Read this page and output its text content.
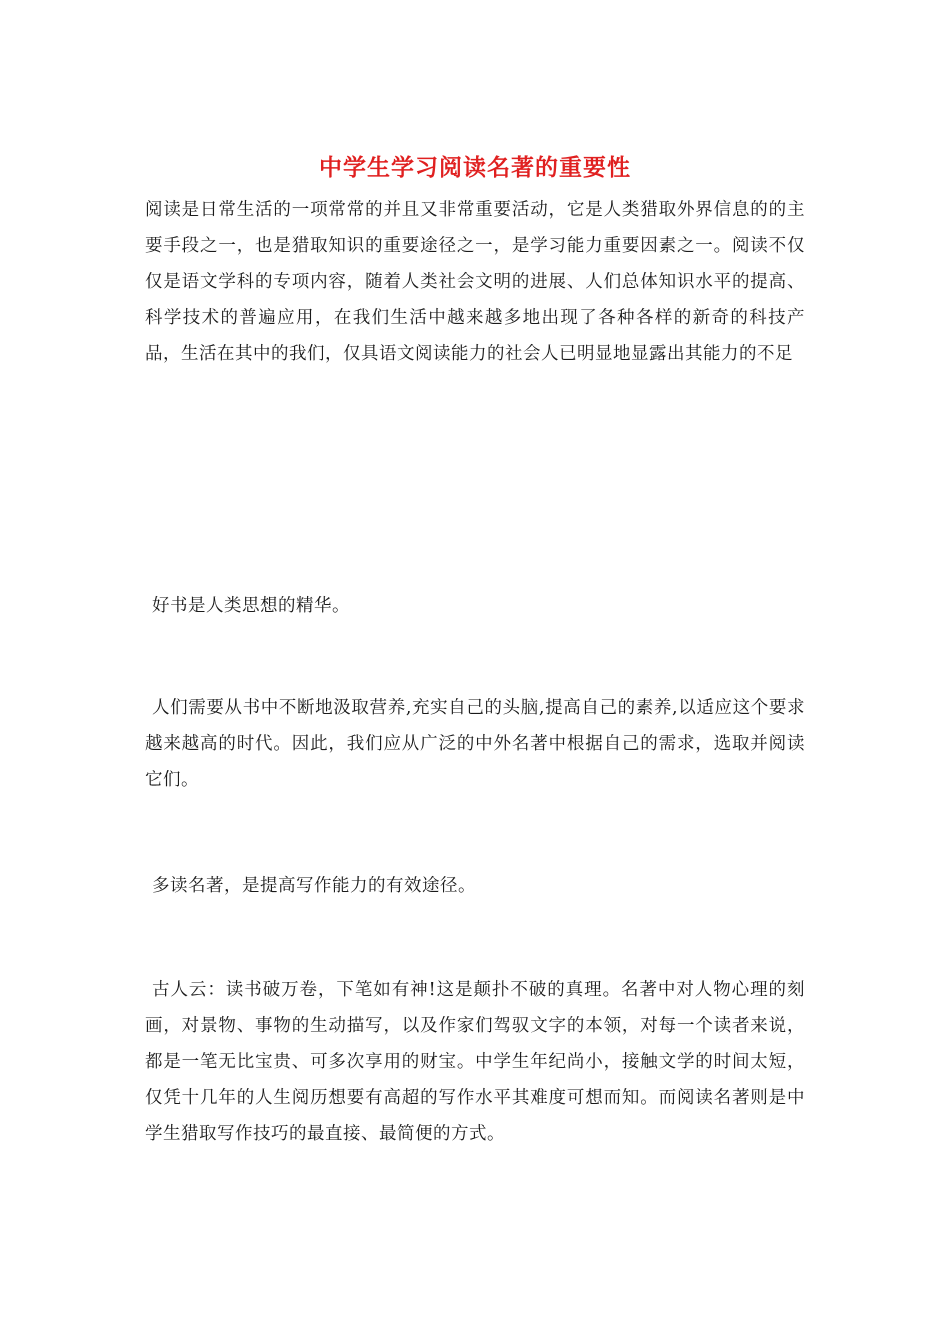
中学生学习阅读名著的重要性

阅读是日常生活的一项常常的并且又非常重要活动，它是人类猎取外界信息的的主要手段之一，也是猎取知识的重要途径之一，是学习能力重要因素之一。阅读不仅仅是语文学科的专项内容，随着人类社会文明的进展、人们总体知识水平的提高、科学技术的普遍应用，在我们生活中越来越多地出现了各种各样的新奇的科技产品，生活在其中的我们，仅具语文阅读能力的社会人已明显地显露出其能力的不足

好书是人类思想的精华。

人们需要从书中不断地汲取营养,充实自己的头脑,提高自己的素养,以适应这个要求越来越高的时代。因此，我们应从广泛的中外名著中根据自己的需求，选取并阅读它们。

多读名著，是提高写作能力的有效途径。

古人云：读书破万卷，下笔如有神!这是颠扑不破的真理。名著中对人物心理的刻画，对景物、事物的生动描写，以及作家们驾驭文字的本领，对每一个读者来说，都是一笔无比宝贵、可多次享用的财宝。中学生年纪尚小，接触文学的时间太短，仅凭十几年的人生阅历想要有高超的写作水平其难度可想而知。而阅读名著则是中学生猎取写作技巧的最直接、最简便的方式。
